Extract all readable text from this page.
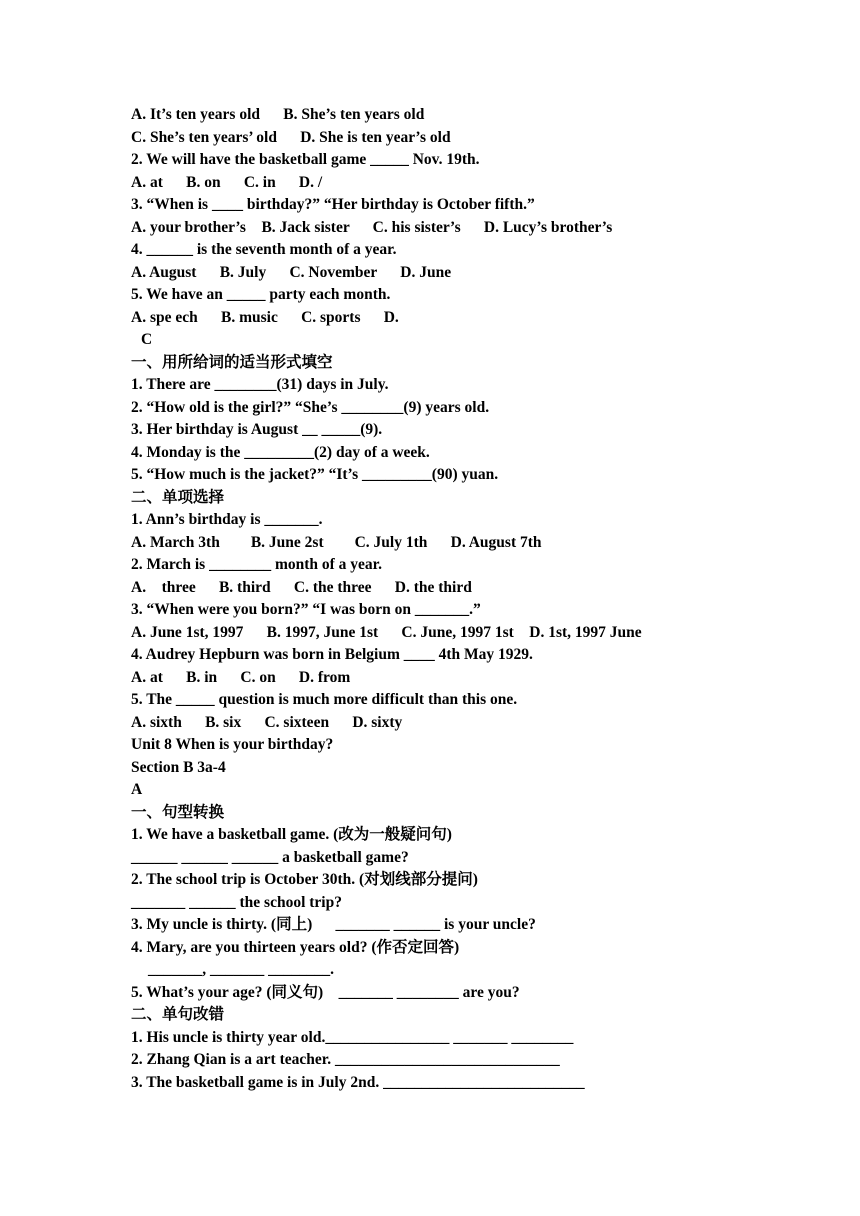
A. It’s ten years old      B. She’s ten years old
C. She’s ten years’ old      D. She is ten year’s old
2. We will have the basketball game _____ Nov. 19th.
A. at      B. on      C. in      D. /
3. “When is ____ birthday?” “Her birthday is October fifth.”
A. your brother’s    B. Jack sister      C. his sister’s      D. Lucy’s brother’s
4. ______ is the seventh month of a year.
A. August      B. July      C. November      D. June
5. We have an _____ party each month.
A. spe ech      B. music      C. sports      D.
C
一、用所给词的适当形式填空
1. There are ________(31) days in July.
2. “How old is the girl?” “She’s ________(9) years old.
3. Her birthday is August __ _____(9).
4. Monday is the _________(2) day of a week.
5. “How much is the jacket?” “It’s _________(90) yuan.
二、单项选择
1. Ann’s birthday is _______.
A. March 3th        B. June 2st        C. July 1th      D. August 7th
2. March is ________ month of a year.
A.    three      B. third      C. the three      D. the third
3. “When were you born?” “I was born on _______.”
A. June 1st, 1997      B. 1997, June 1st      C. June, 1997 1st    D. 1st, 1997 June
4. Audrey Hepburn was born in Belgium ____ 4th May 1929.
A. at      B. in      C. on      D. from
5. The _____ question is much more difficult than this one.
A. sixth      B. six      C. sixteen      D. sixty
Unit 8 When is your birthday?
Section B 3a-4
A
一、句型转换
1. We have a basketball game. (改为一般疑问句)
______ ______ ______ a basketball game?
2. The school trip is October 30th. (对划线部分提问)
_______ ______ the school trip?
3. My uncle is thirty. (同上)      _______ ______ is your uncle?
4. Mary, are you thirteen years old? (作否定回答)
_______, _______ ________.
5. What’s your age? (同义句)    _______ ________ are you?
二、单句改错
1. His uncle is thirty year old.________________ _______ ________
2. Zhang Qian is a art teacher. _____________________________
3. The basketball game is in July 2nd. __________________________
